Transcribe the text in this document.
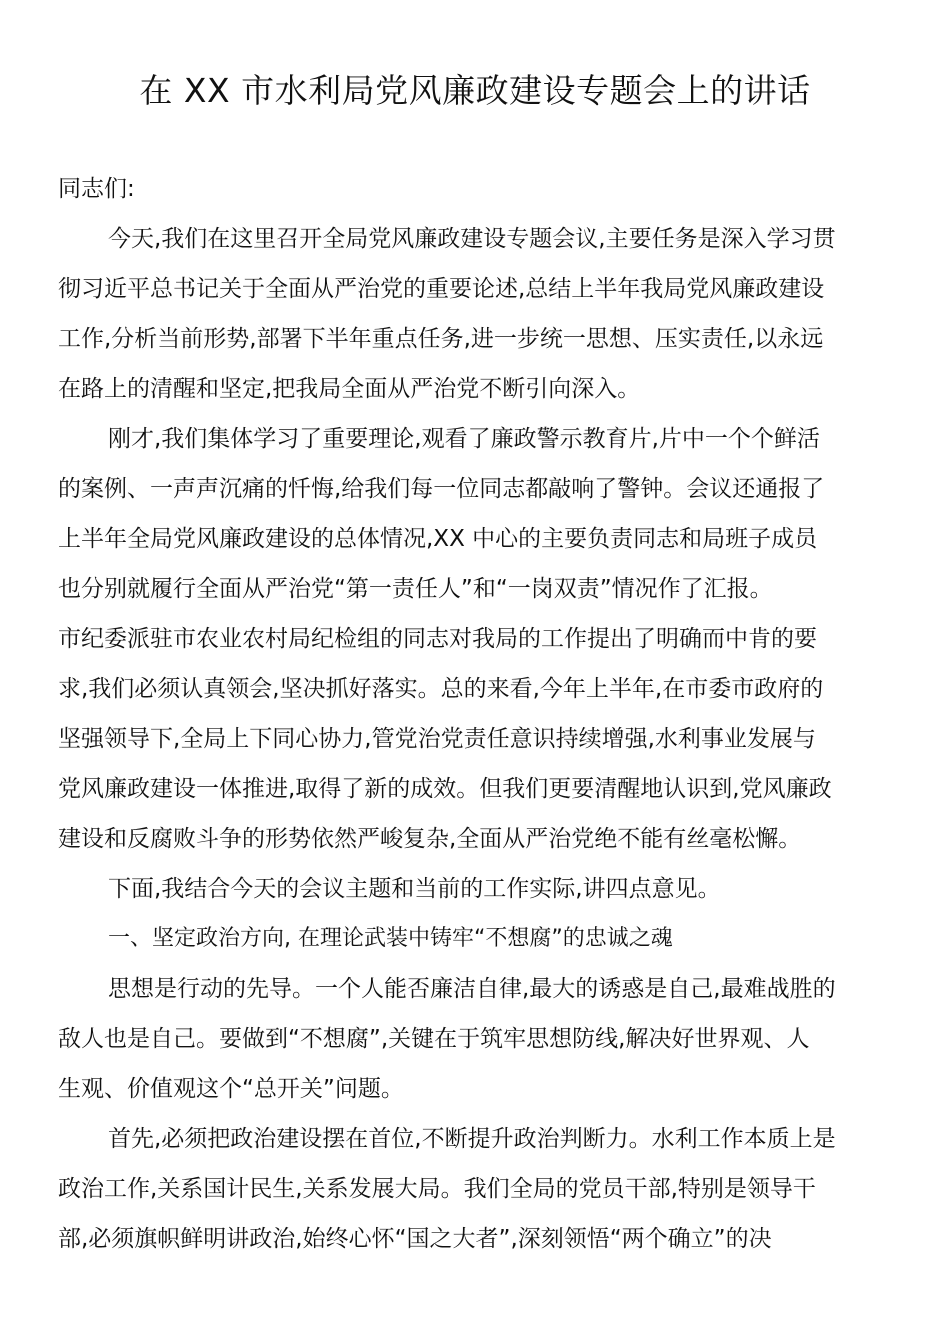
在 XX 市水利局党风廉政建设专题会上的讲话
同志们:
今天,我们在这里召开全局党风廉政建设专题会议,主要任务是深入学习贯
彻习近平总书记关于全面从严治党的重要论述,总结上半年我局党风廉政建设
工作,分析当前形势,部署下半年重点任务,进一步统一思想、压实责任,以永远
在路上的清醒和坚定,把我局全面从严治党不断引向深入。
刚才,我们集体学习了重要理论,观看了廉政警示教育片,片中一个个鲜活
的案例、一声声沉痛的忏悔,给我们每一位同志都敲响了警钟。会议还通报了
上半年全局党风廉政建设的总体情况,XX 中心的主要负责同志和局班子成员
也分别就履行全面从严治党“第一责任人”和“一岗双责”情况作了汇报。
市纪委派驻市农业农村局纪检组的同志对我局的工作提出了明确而中肯的要
求,我们必须认真领会,坚决抓好落实。总的来看,今年上半年,在市委市政府的
坚强领导下,全局上下同心协力,管党治党责任意识持续增强,水利事业发展与
党风廉政建设一体推进,取得了新的成效。但我们更要清醒地认识到,党风廉政
建设和反腐败斗争的形势依然严峻复杂,全面从严治党绝不能有丝毫松懈。
下面,我结合今天的会议主题和当前的工作实际,讲四点意见。
一、坚定政治方向, 在理论武装中铸牢“不想腐”的忠诚之魂
思想是行动的先导。一个人能否廉洁自律,最大的诱惑是自己,最难战胜的
敌人也是自己。要做到“不想腐”,关键在于筑牢思想防线,解决好世界观、人
生观、价值观这个“总开关”问题。
首先,必须把政治建设摆在首位,不断提升政治判断力。水利工作本质上是
政治工作,关系国计民生,关系发展大局。我们全局的党员干部,特别是领导干
部,必须旗帜鲜明讲政治,始终心怀“国之大者”,深刻领悟“两个确立”的决
